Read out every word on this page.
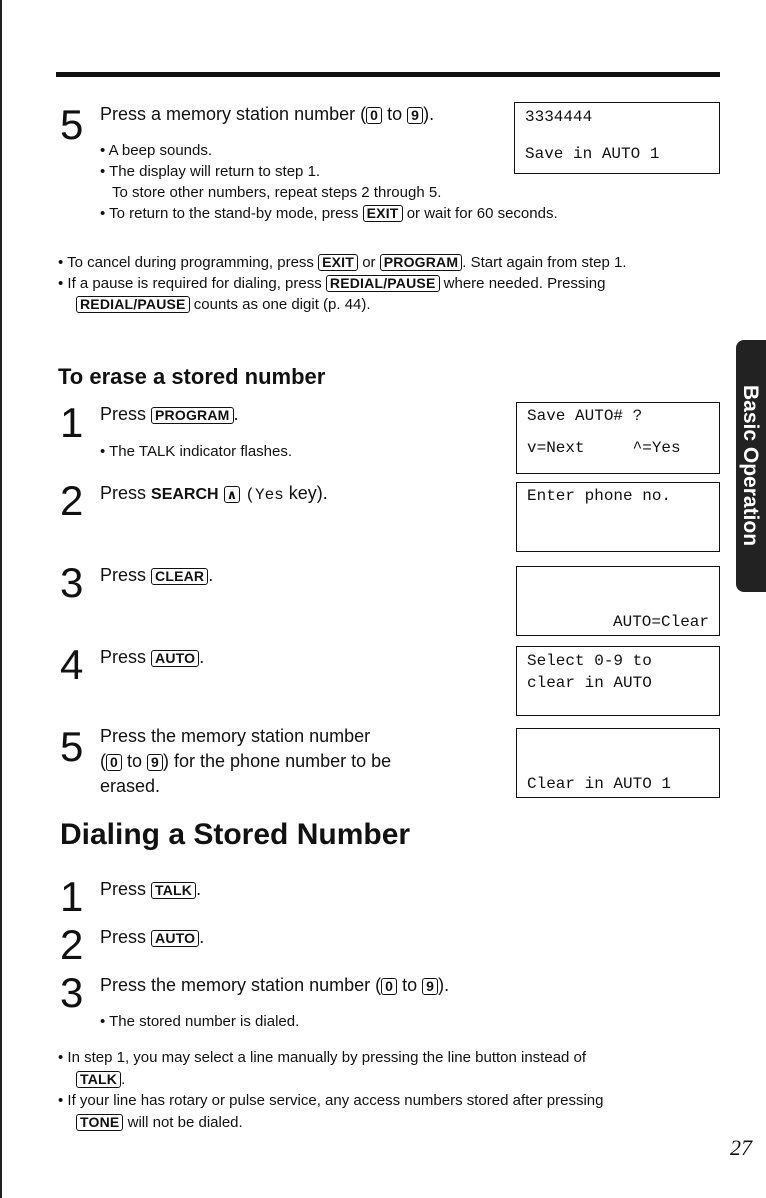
5 Press a memory station number ( 0 to 9 ).
• A beep sounds.
• The display will return to step 1.
To store other numbers, repeat steps 2 through 5.
• To return to the stand-by mode, press EXIT or wait for 60 seconds.
3334444
Save in AUTO 1
• To cancel during programming, press EXIT or PROGRAM . Start again from step 1.
• If a pause is required for dialing, press REDIAL/PAUSE where needed. Pressing
REDIAL/PAUSE counts as one digit (p. 44).
To erase a stored number
1 Press PROGRAM .
• The TALK indicator flashes.
2 Press SEARCH ∧ (Yes key).
3 Press CLEAR .
4 Press AUTO .
5 Press the memory station number
( 0 to 9 ) for the phone number to be
erased.
Save AUTO# ?
v=Next     ^=Yes
Enter phone no.
AUTO=Clear
Select 0-9 to
clear in AUTO
Clear in AUTO 1
Dialing a Stored Number
1 Press TALK .
2 Press AUTO .
3 Press the memory station number ( 0 to 9 ).
• The stored number is dialed.
• In step 1, you may select a line manually by pressing the line button instead of
TALK .
• If your line has rotary or pulse service, any access numbers stored after pressing
TONE will not be dialed.
Basic Operation
27
